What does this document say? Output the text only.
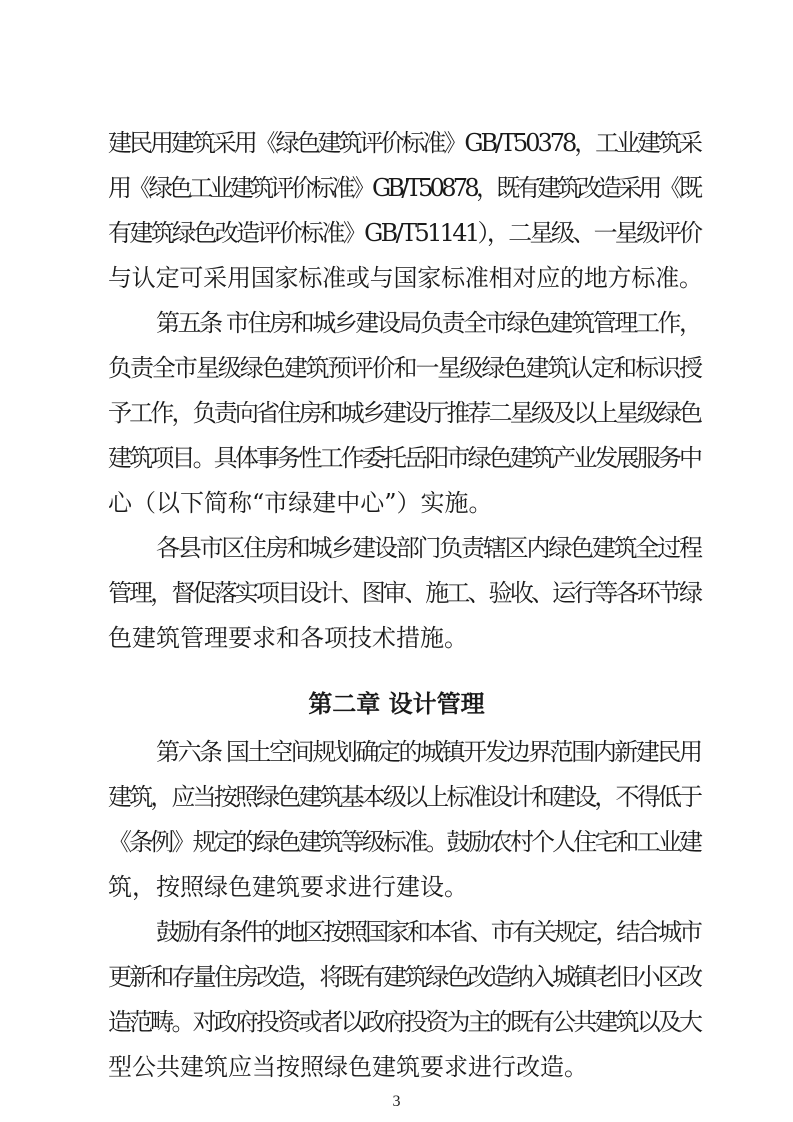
建民用建筑采用《绿色建筑评价标准》GB/T50378，工业建筑采
用《绿色工业建筑评价标准》GB/T50878，既有建筑改造采用《既
有建筑绿色改造评价标准》GB/T51141），二星级、一星级评价
与认定可采用国家标准或与国家标准相对应的地方标准。
第五条 市住房和城乡建设局负责全市绿色建筑管理工作，
负责全市星级绿色建筑预评价和一星级绿色建筑认定和标识授
予工作，负责向省住房和城乡建设厅推荐二星级及以上星级绿色
建筑项目。具体事务性工作委托岳阳市绿色建筑产业发展服务中
心（以下简称“市绿建中心”）实施。
各县市区住房和城乡建设部门负责辖区内绿色建筑全过程
管理，督促落实项目设计、图审、施工、验收、运行等各环节绿
色建筑管理要求和各项技术措施。
第二章 设计管理
第六条 国土空间规划确定的城镇开发边界范围内新建民用
建筑，应当按照绿色建筑基本级以上标准设计和建设，不得低于
《条例》规定的绿色建筑等级标准。鼓励农村个人住宅和工业建
筑，按照绿色建筑要求进行建设。
鼓励有条件的地区按照国家和本省、市有关规定，结合城市
更新和存量住房改造，将既有建筑绿色改造纳入城镇老旧小区改
造范畴。对政府投资或者以政府投资为主的既有公共建筑以及大
型公共建筑应当按照绿色建筑要求进行改造。
3
